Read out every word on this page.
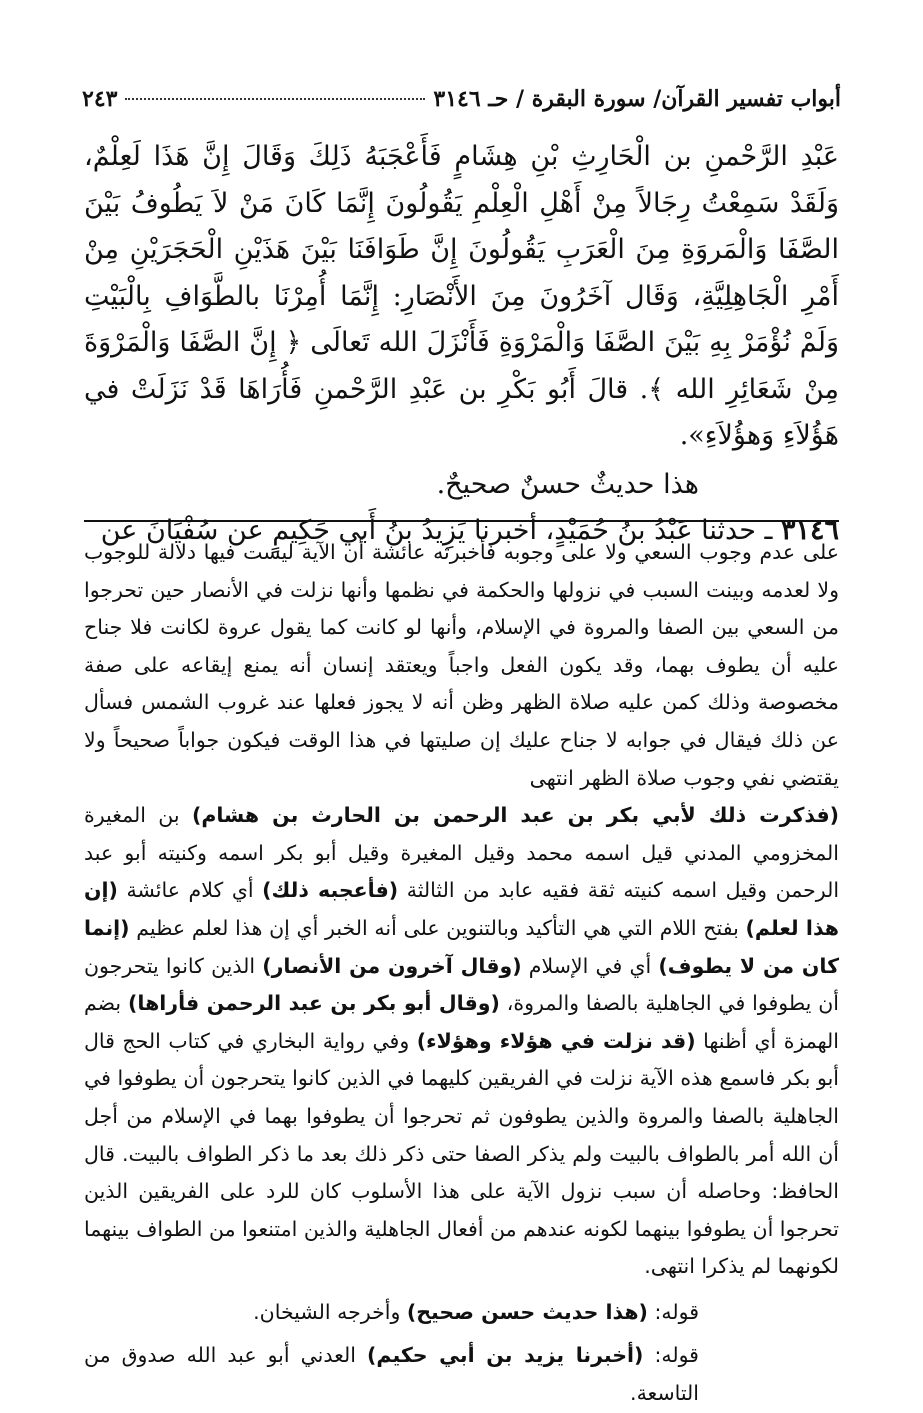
أبواب تفسير القرآن/ سورة البقرة / حـ ٣١٤٦
٢٤٣

عَبْدِ الرَّحْمنِ بن الْحَارِثِ بْنِ هِشَامٍ فَأَعْجَبَهُ ذَلِكَ وَقَالَ إِنَّ هَذَا لَعِلْمٌ، وَلَقَدْ سَمِعْتُ رِجَالاً مِنْ أَهْلِ الْعِلْمِ يَقُولُونَ إِنَّمَا كَانَ مَنْ لاَ يَطُوفُ بَيْنَ الصَّفَا وَالْمَروَةِ مِنَ الْعَرَبِ يَقُولُونَ إِنَّ طَوَافَنَا بَيْنَ هَذَيْنِ الْحَجَرَيْنِ مِنْ أَمْرِ الْجَاهِلِيَّةِ، وَقَال آخَرُونَ مِنَ الأَنْصَارِ: إِنَّمَا أُمِرْنَا بالطَّوَافِ بِالْبَيْتِ وَلَمْ نُؤْمَرْ بِهِ بَيْنَ الصَّفَا وَالْمَرْوَةِ فَأَنْزَلَ الله تَعالَى ﴿ إِنَّ الصَّفَا وَالْمَرْوَةَ مِنْ شَعَائِرِ الله ﴾. قالَ أَبُو بَكْرِ بن عَبْدِ الرَّحْمنِ فَأُرَاهَا قَدْ نَزَلَتْ في هَؤُلاَءِ وَهؤُلاَءِ».

هذا حديثٌ حسنٌ صحيحٌ.

٣١٤٦ ـ حدثنا عَبْدُ بنُ حُمَيْدٍ، أخبرنا يَزِيدُ بنُ أَبي حَكِيمٍ عن سُفْيَانَ عن

على عدم وجوب السعي ولا على وجوبه فأخبرته عائشة أن الآية ليست فيها دلالة للوجوب ولا لعدمه وبينت السبب في نزولها والحكمة في نظمها وأنها نزلت في الأنصار حين تحرجوا من السعي بين الصفا والمروة في الإسلام، وأنها لو كانت كما يقول عروة لكانت فلا جناح عليه أن يطوف بهما، وقد يكون الفعل واجباً ويعتقد إنسان أنه يمنع إيقاعه على صفة مخصوصة وذلك كمن عليه صلاة الظهر وظن أنه لا يجوز فعلها عند غروب الشمس فسأل عن ذلك فيقال في جوابه لا جناح عليك إن صليتها في هذا الوقت فيكون جواباً صحيحاً ولا يقتضي نفي وجوب صلاة الظهر انتهى

(فذكرت ذلك لأبي بكر بن عبد الرحمن بن الحارث بن هشام) بن المغيرة المخزومي المدني قيل اسمه محمد وقيل المغيرة وقيل أبو بكر اسمه وكنيته أبو عبد الرحمن وقيل اسمه كنيته ثقة فقيه عابد من الثالثة (فأعجبه ذلك) أي كلام عائشة (إن هذا لعلم) بفتح اللام التي هي التأكيد وبالتنوين على أنه الخبر أي إن هذا لعلم عظيم (إنما كان من لا يطوف) أي في الإسلام (وقال آخرون من الأنصار) الذين كانوا يتحرجون أن يطوفوا في الجاهلية بالصفا والمروة، (وقال أبو بكر بن عبد الرحمن فأراها) بضم الهمزة أي أظنها (قد نزلت في هؤلاء وهؤلاء) وفي رواية البخاري في كتاب الحج قال أبو بكر فاسمع هذه الآية نزلت في الفريقين كليهما في الذين كانوا يتحرجون أن يطوفوا في الجاهلية بالصفا والمروة والذين يطوفون ثم تحرجوا أن يطوفوا بهما في الإسلام من أجل أن الله أمر بالطواف بالبيت ولم يذكر الصفا حتى ذكر ذلك بعد ما ذكر الطواف بالبيت. قال الحافظ: وحاصله أن سبب نزول الآية على هذا الأسلوب كان للرد على الفريقين الذين تحرجوا أن يطوفوا بينهما لكونه عندهم من أفعال الجاهلية والذين امتنعوا من الطواف بينهما لكونهما لم يذكرا انتهى.

قوله: (هذا حديث حسن صحيح) وأخرجه الشيخان.

قوله: (أخبرنا يزيد بن أبي حكيم) العدني أبو عبد الله صدوق من التاسعة.
